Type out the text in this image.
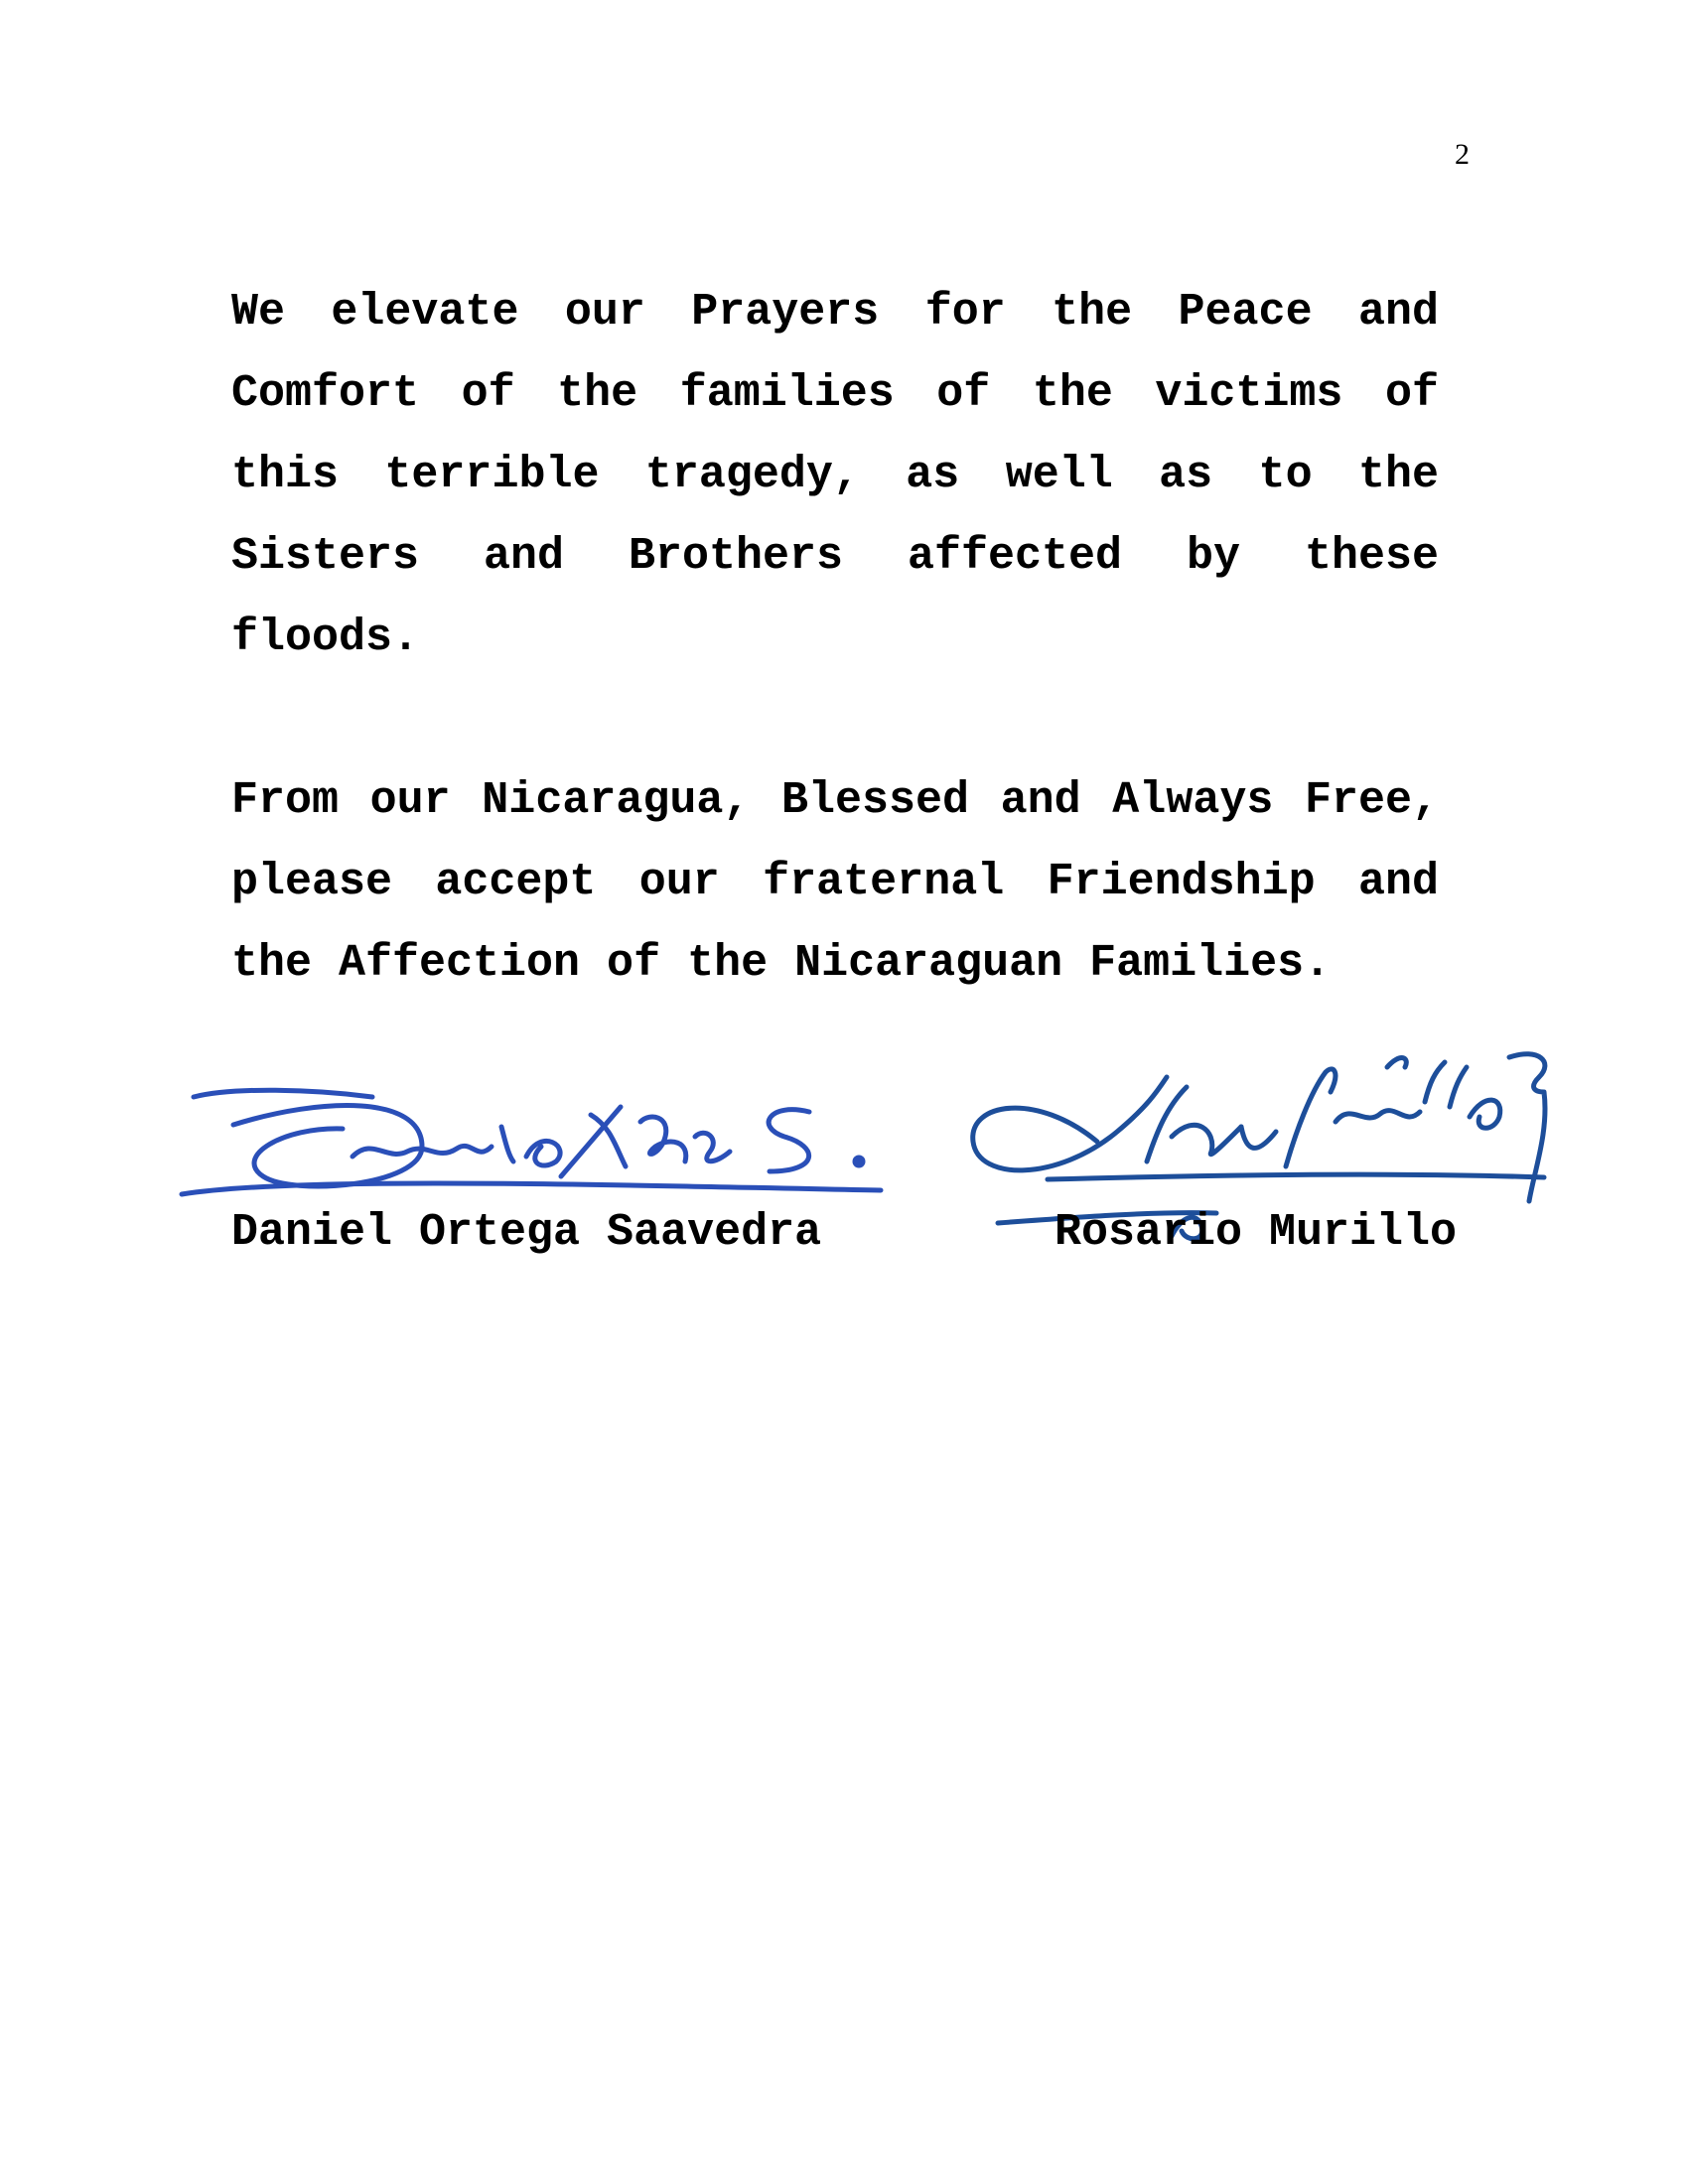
2

We elevate our Prayers for the Peace and Comfort of the families of the victims of this terrible tragedy, as well as to the Sisters and Brothers affected by these floods.

From our Nicaragua, Blessed and Always Free, please accept our fraternal Friendship and the Affection of the Nicaraguan Families.

Daniel Ortega Saavedra	Rosario Murillo
